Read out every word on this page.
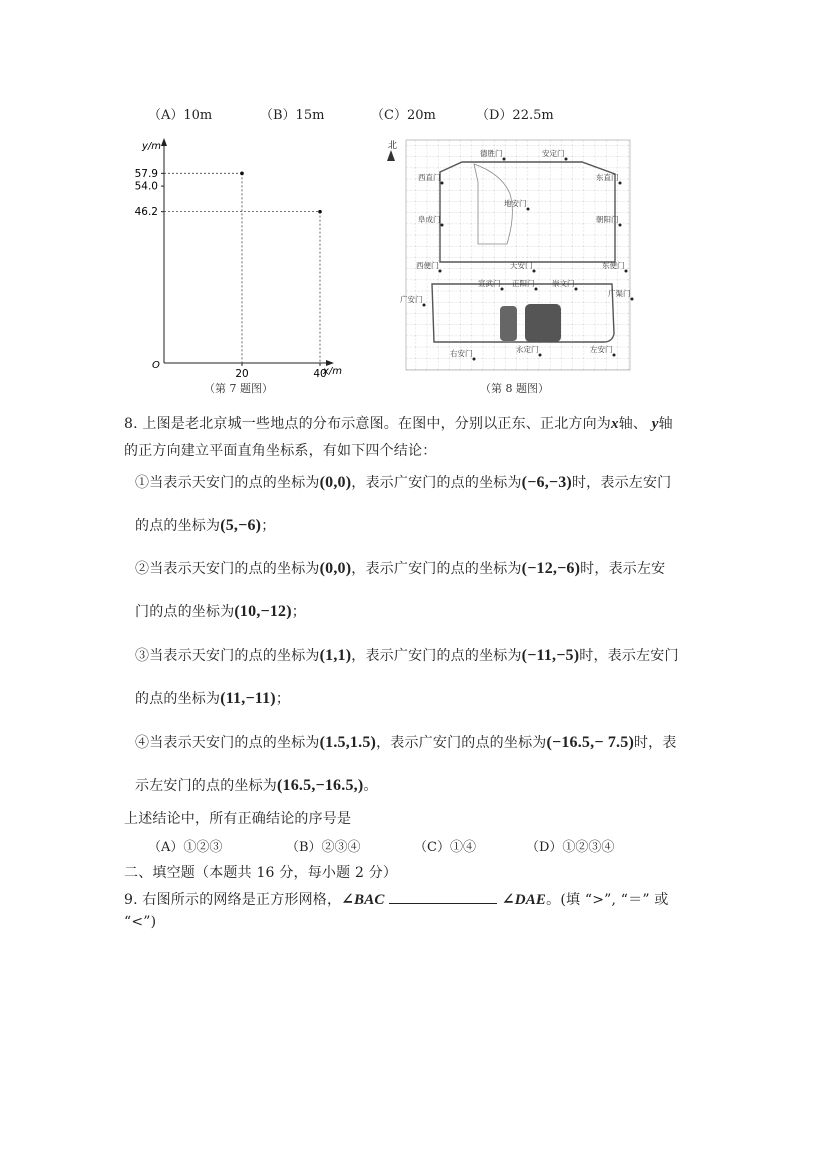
（A）10m	（B）15m	（C）20m	（D）22.5m
y/m
x/m
O
57.9
54.0
46.2
20	40
（第 7 题图）
北
德胜门	安定门
西直门	东直门
地安门
阜成门	朝阳门
西便门	天安门	东便门
广安门
宣武门 正阳门 崇文门
广渠门
右安门	永定门	左安门
（第 8 题图）
8. 上图是老北京城一些地点的分布示意图。在图中，分别以正东、正北方向为x轴、 y轴
的正方向建立平面直角坐标系，有如下四个结论：
①当表示天安门的点的坐标为(0,0)，表示广安门的点的坐标为(−6,−3)时，表示左安门
的点的坐标为(5,−6)；
②当表示天安门的点的坐标为(0,0)，表示广安门的点的坐标为(−12,−6)时，表示左安
门的点的坐标为(10,−12)；
③当表示天安门的点的坐标为(1,1)，表示广安门的点的坐标为(−11,−5)时，表示左安门
的点的坐标为(11,−11)；
④当表示天安门的点的坐标为(1.5,1.5)，表示广安门的点的坐标为(−16.5,− 7.5)时，表
示左安门的点的坐标为(16.5,−16.5,)。
上述结论中，所有正确结论的序号是
（A）①②③	（B）②③④	（C）①④	（D）①②③④
二、填空题（本题共 16 分，每小题 2 分）
9. 右图所示的网络是正方形网格，∠BAC	∠DAE。(填 “>”, “＝” 或
“<”)
